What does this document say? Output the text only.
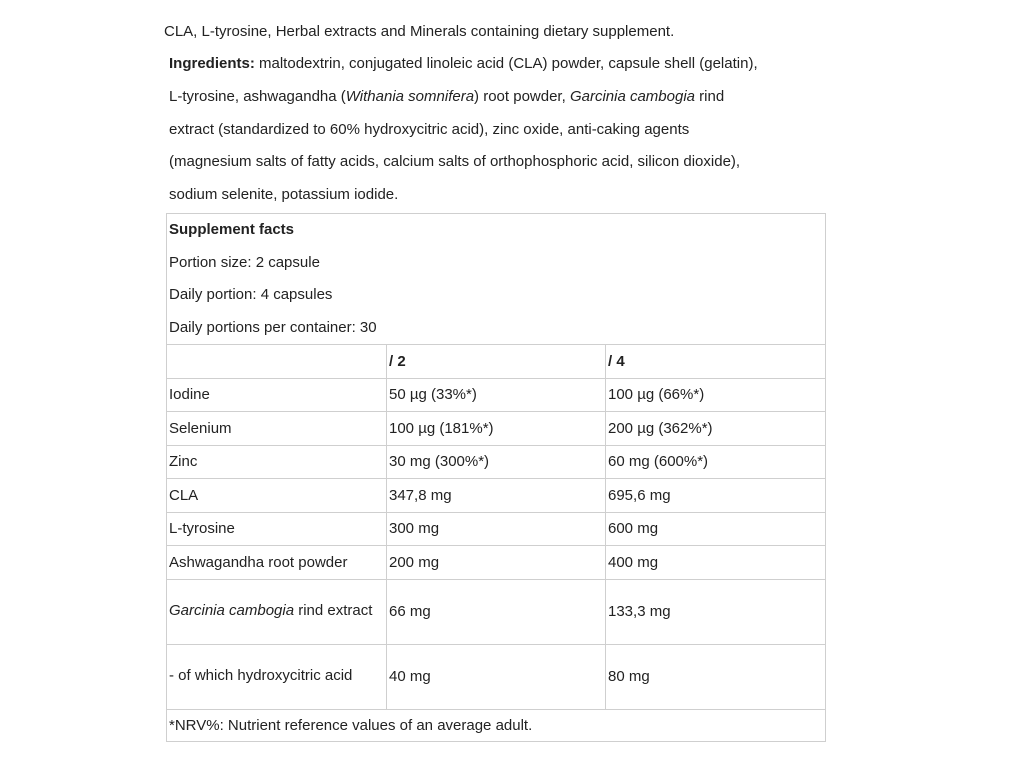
CLA, L-tyrosine, Herbal extracts and Minerals containing dietary supplement.
Ingredients: maltodextrin, conjugated linoleic acid (CLA) powder, capsule shell (gelatin),
L-tyrosine, ashwagandha (Withania somnifera) root powder, Garcinia cambogia rind
extract (standardized to 60% hydroxycitric acid), zinc oxide, anti-caking agents
(magnesium salts of fatty acids, calcium salts of orthophosphoric acid, silicon dioxide),
sodium selenite, potassium iodide.
Supplement facts
Portion size: 2 capsule
Daily portion: 4 capsules
Daily portions per container: 30		

	/ 2	/ 4
Iodine	50 µg (33%*)	100 µg (66%*)
Selenium	100 µg (181%*)	200 µg (362%*)
Zinc	30 mg (300%*)	60 mg (600%*)
CLA	347,8 mg	695,6 mg
L-tyrosine	300 mg	600 mg
Ashwagandha root powder	200 mg	400 mg
Garcinia cambogia rind extract	66 mg	133,3 mg
- of which hydroxycitric acid	40 mg	80 mg
*NRV%: Nutrient reference values of an average adult.		
